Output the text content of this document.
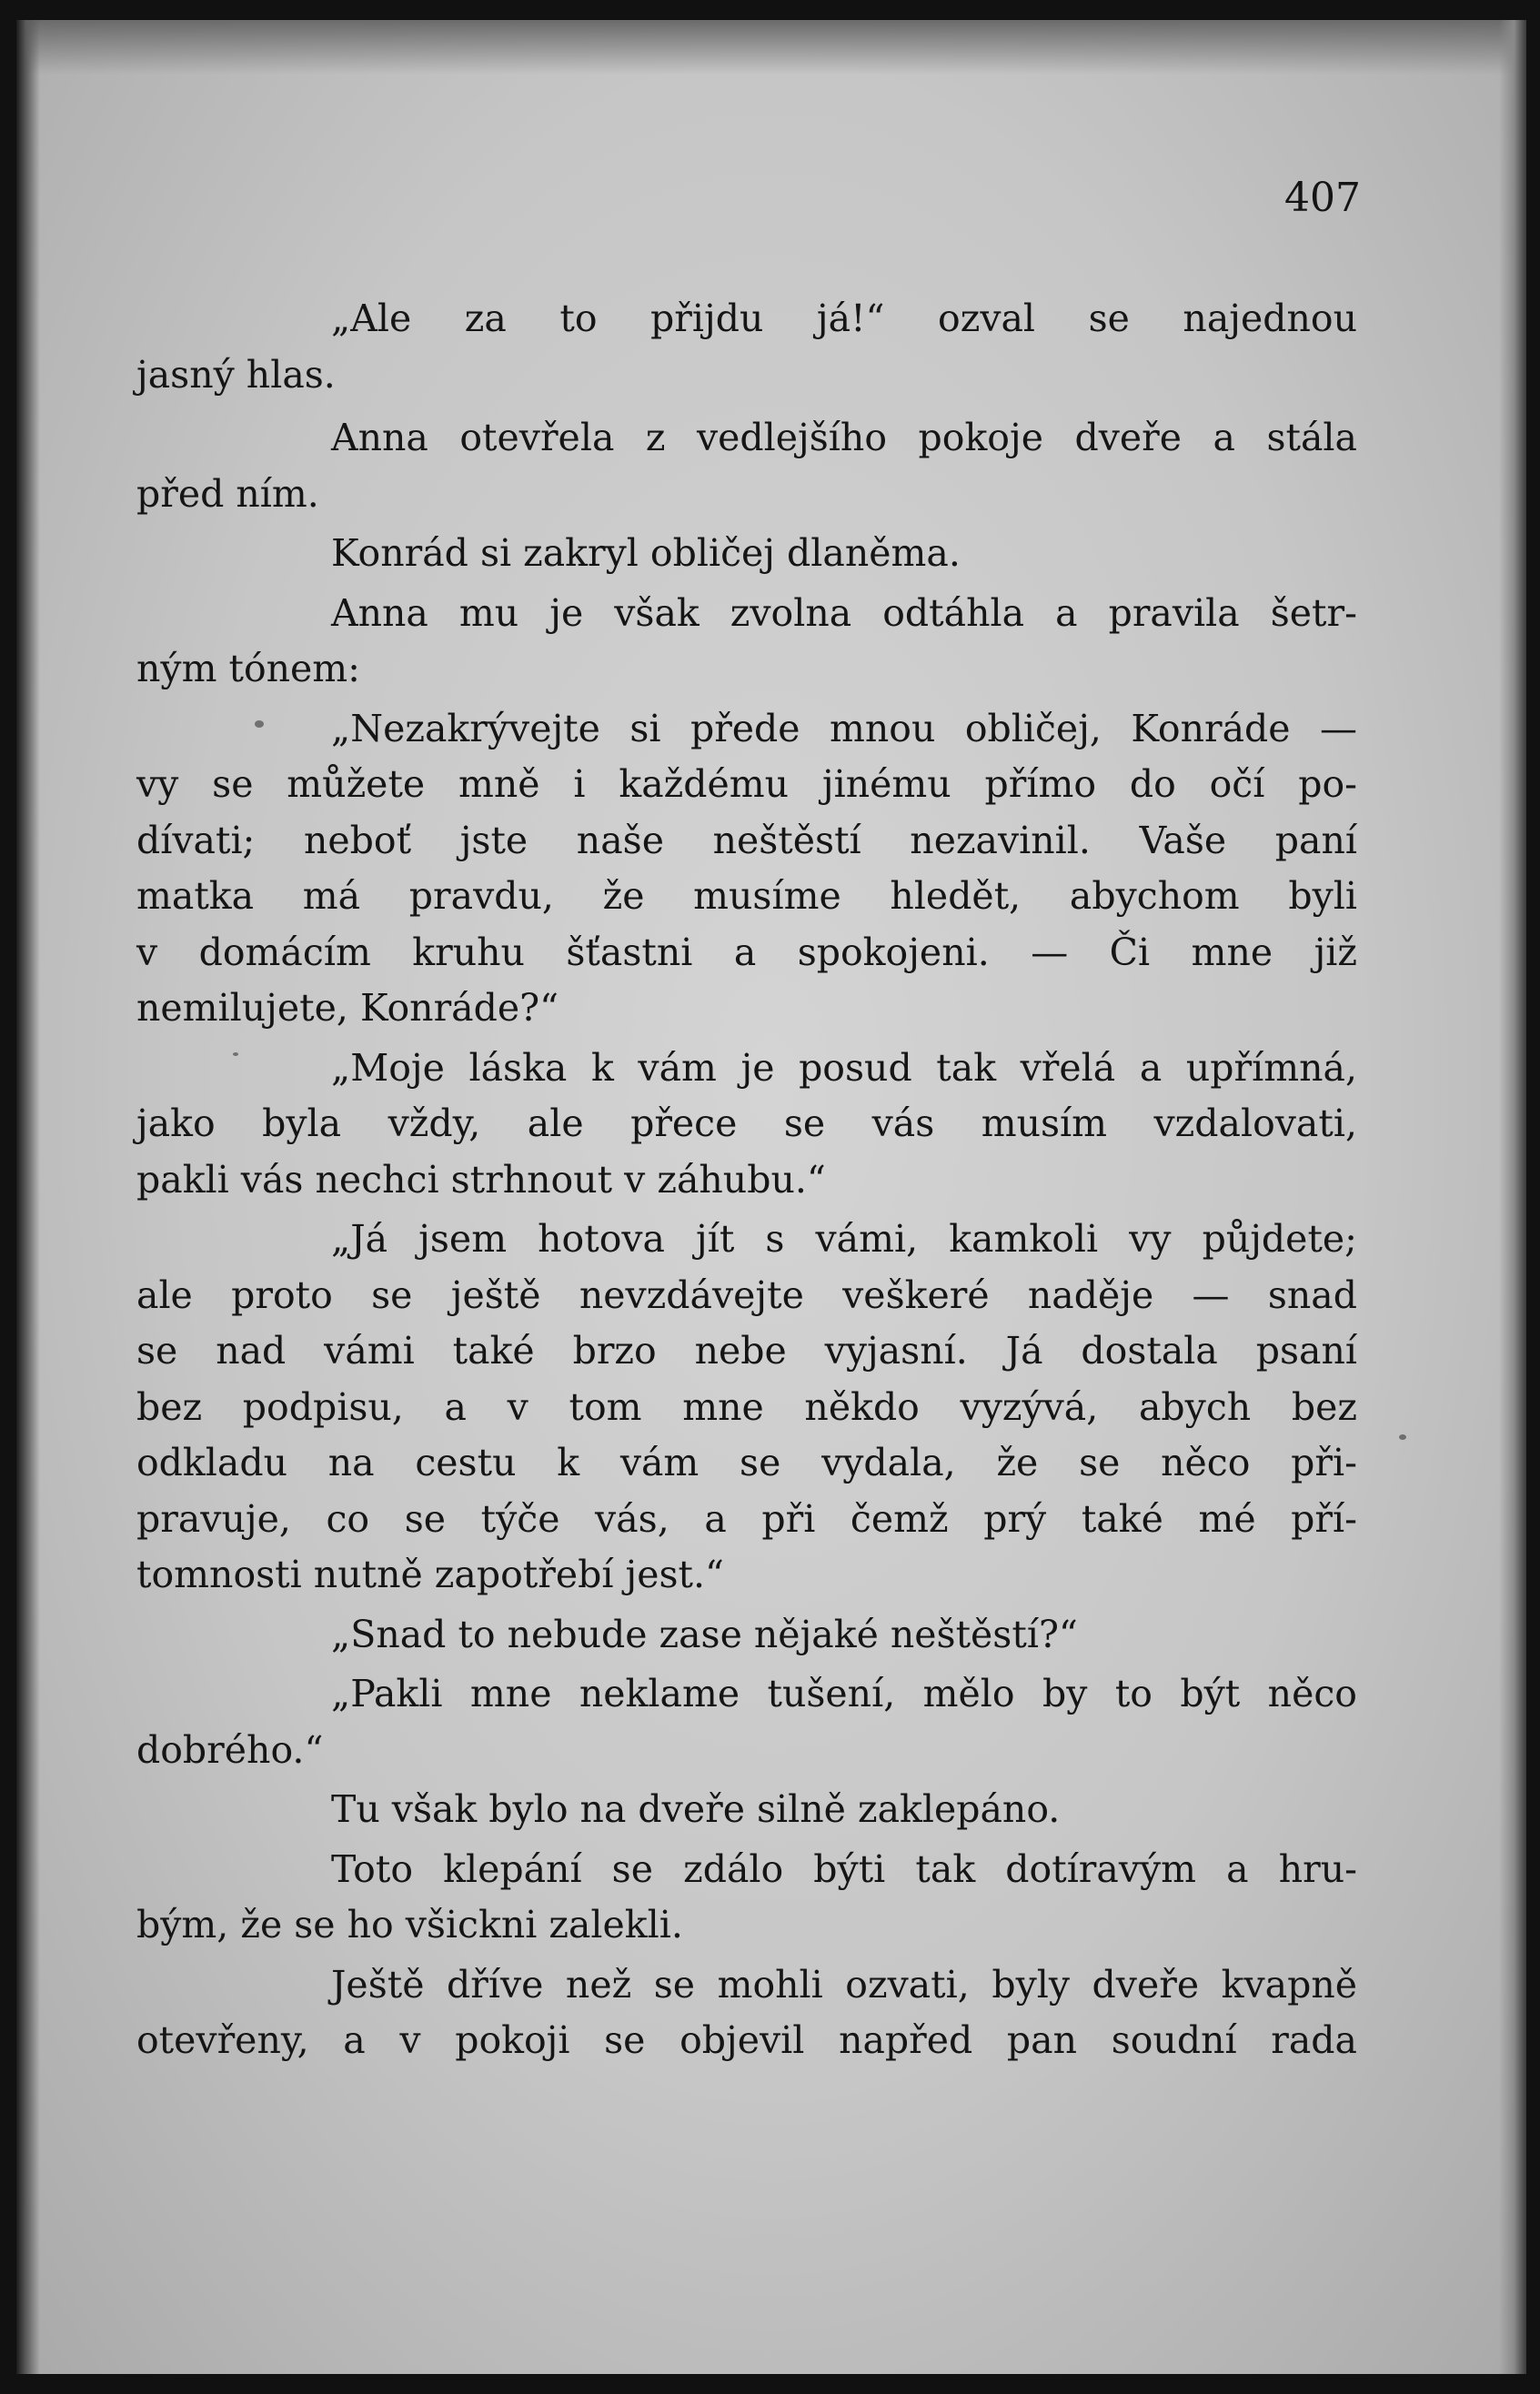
407

„Ale za to přijdu já!“ ozval se najednou
jasný hlas.

Anna otevřela z vedlejšího pokoje dveře a stála
před ním.

Konrád si zakryl obličej dlaněma.

Anna mu je však zvolna odtáhla a pravila šetr-
ným tónem:

„Nezakrývejte si přede mnou obličej, Konráde —
vy se můžete mně i každému jinému přímo do očí po-
dívati; neboť jste naše neštěstí nezavinil. Vaše paní
matka má pravdu, že musíme hledět, abychom byli
v domácím kruhu šťastni a spokojeni. — Či mne již
nemilujete, Konráde?“

„Moje láska k vám je posud tak vřelá a upřímná,
jako byla vždy, ale přece se vás musím vzdalovati,
pakli vás nechci strhnout v záhubu.“

„Já jsem hotova jít s vámi, kamkoli vy půjdete;
ale proto se ještě nevzdávejte veškeré naděje — snad
se nad vámi také brzo nebe vyjasní. Já dostala psaní
bez podpisu, a v tom mne někdo vyzývá, abych bez
odkladu na cestu k vám se vydala, že se něco při-
pravuje, co se týče vás, a při čemž prý také mé pří-
tomnosti nutně zapotřebí jest.“

„Snad to nebude zase nějaké neštěstí?“

„Pakli mne neklame tušení, mělo by to být něco
dobrého.“

Tu však bylo na dveře silně zaklepáno.

Toto klepání se zdálo býti tak dotíravým a hru-
bým, že se ho všickni zalekli.

Ještě dříve než se mohli ozvati, byly dveře kvapně
otevřeny, a v pokoji se objevil napřed pan soudní rada
